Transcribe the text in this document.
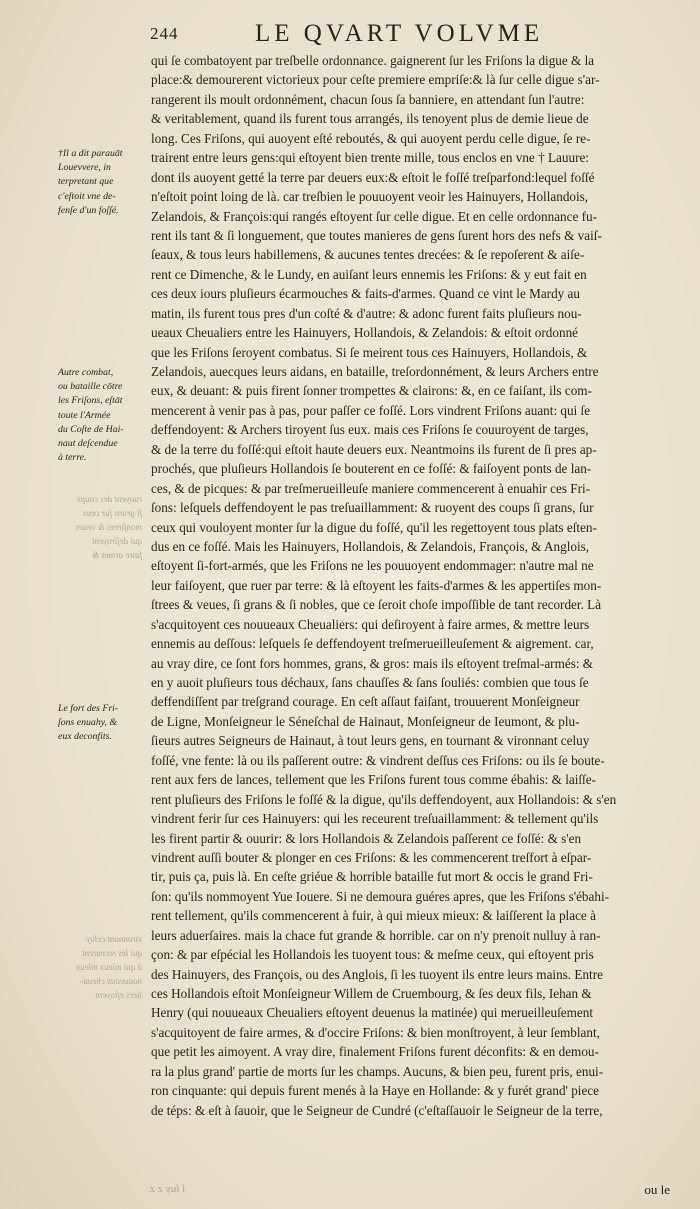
244	LE QVART VOLVME
qui ſe combatoyent par treſbelle ordonnance. gaignerent ſur les Friſons la digue & la
place:& demourerent victorieux pour ceſte premiere empriſe:& là ſur celle digue s'ar-
rangerent ils moult ordonnément, chacun ſous ſa banniere, en attendant ſun l'autre:
& veritablement, quand ils furent tous arrangés, ils tenoyent plus de demie lieue de
long. Ces Friſons, qui auoyent eſté reboutés, & qui auoyent perdu celle digue, ſe re-
trairent entre leurs gens:qui eſtoyent bien trente mille, tous enclos en vne † Lauure:
dont ils auoyent getté la terre par deuers eux:& eſtoit le foſſé treſparfond:lequel foſſé
n'eſtoit point loing de là. car treſbien le pouuoyent veoir les Hainuyers, Hollandois,
Zelandois, & François:qui rangés eſtoyent ſur celle digue. Et en celle ordonnance fu-
rent ils tant & ſi longuement, que toutes manieres de gens ſurent hors des nefs & vaiſ-
ſeaux, & tous leurs habillemens, & aucunes tentes drecées: & ſe repoſerent & aiſe-
rent ce Dimenche, & le Lundy, en auiſant leurs ennemis les Friſons: & y eut fait en
ces deux iours pluſieurs écarmouches & faits-d'armes. Quand ce vint le Mardy au
matin, ils furent tous pres d'un coſté & d'autre: & adonc furent faits pluſieurs nou-
ueaux Cheualiers entre les Hainuyers, Hollandois, & Zelandois: & eſtoit ordonné
que les Friſons ſeroyent combatus. Si ſe meirent tous ces Hainuyers, Hollandois, &
Zelandois, auecques leurs aidans, en bataille, treſordonnément, & leurs Archers entre
eux, & deuant: & puis firent ſonner trompettes & clairons: &, en ce faiſant, ils com-
mencerent à venir pas à pas, pour paſſer ce foſſé. Lors vindrent Friſons auant: qui ſe
deffendoyent: & Archers tiroyent ſus eux. mais ces Friſons ſe couuroyent de targes,
& de la terre du foſſé:qui eſtoit haute deuers eux. Neantmoins ils furent de ſi pres ap-
prochés, que pluſieurs Hollandois ſe bouterent en ce foſſé: & faiſoyent ponts de lan-
ces, & de picques: & par treſmerueilleuſe maniere commencerent à enuahir ces Fri-
ſons: leſquels deffendoyent le pas treſuaillamment: & ruoyent des coups ſi grans, ſur
ceux qui vouloyent monter ſur la digue du foſſé, qu'il les regettoyent tous plats eſten-
dus en ce foſſé. Mais les Hainuyers, Hollandois, & Zelandois, François, & Anglois,
eſtoyent ſi-fort-armés, que les Friſons ne les pouuoyent endommager: n'autre mal ne
leur faiſoyent, que ruer par terre: & là eſtoyent les faits-d'armes & les appertiſes mon-
ſtrees & veues, ſi grans & ſi nobles, que ce ſeroit choſe impoſſible de tant recorder. Là
s'acquitoyent ces nouueaux Cheualiers: qui deſiroyent à faire armes, & mettre leurs
ennemis au deſſous: leſquels ſe deffendoyent treſmerueilleuſement & aigrement. car,
au vray dire, ce ſont fors hommes, grans, & gros: mais ils eſtoyent treſmal-armés: &
en y auoit pluſieurs tous déchaux, ſans chauſſes & ſans ſouliés: combien que tous ſe
deffendiſſent par treſgrand courage. En ceſt aſſaut faiſant, trouuerent Monſeigneur
de Ligne, Monſeigneur le Séneſchal de Hainaut, Monſeigneur de Ieumont, & plu-
ſieurs autres Seigneurs de Hainaut, à tout leurs gens, en tournant & vironnant celuy
foſſé, vne fente: là ou ils paſſerent outre: & vindrent deſſus ces Friſons: ou ils ſe boute-
rent aux fers de lances, tellement que les Friſons furent tous comme ébahis: & laiſſe-
rent pluſieurs des Friſons le foſſé & la digue, qu'ils deffendoyent, aux Hollandois: & s'en
vindrent ferir ſur ces Hainuyers: qui les receurent treſuaillamment: & tellement qu'ils
les firent partir & ouurir: & lors Hollandois & Zelandois paſſerent ce foſſé: & s'en
vindrent auſſi bouter & plonger en ces Friſons: & les commencerent treſfort à eſpar-
tir, puis ça, puis là. En ceſte griéue & horrible bataille fut mort & occis le grand Fri-
ſon: qu'ils nommoyent Yue Iouere. Si ne demoura guéres apres, que les Friſons s'ébahi-
rent tellement, qu'ils commencerent à fuir, à qui mieux mieux: & laiſſerent la place à
leurs aduerſaires. mais la chace fut grande & horrible. car on n'y prenoit nulluy à ran-
çon: & par eſpécial les Hollandois les tuoyent tous: & meſme ceux, qui eſtoyent pris
des Hainuyers, des François, ou des Anglois, ſi les tuoyent ils entre leurs mains. Entre
ces Hollandois eſtoit Monſeigneur Willem de Cruembourg, & ſes deux fils, Iehan &
Henry (qui nouueaux Cheualiers eſtoyent deuenus la matinée) qui merueilleuſement
s'acquitoyent de faire armes, & d'occire Friſons: & bien monſtroyent, à leur ſemblant,
que petit les aimoyent. A vray dire, finalement Friſons furent déconfits: & en demou-
ra la plus grand' partie de morts ſur les champs. Aucuns, & bien peu, furent pris, enui-
ron cinquante: qui depuis furent menés à la Haye en Hollande: & y furét grand' piece
de téps: & eſt à ſauoir, que le Seigneur de Cundré (c'eſtaſſauoir le Seigneur de la terre,
†Il a dit parauāt
Louevvere, in
terpretant que
c'eſtoit vne de-
fenſe d'un foſſé.
Autre combat,
ou bataille cōtre
les Friſons, eſtāt
toute l'Armée
du Coſte de Hai-
naut deſcendue
à terre.
Le fort des Fri-
ſons enuahy, &
eux deconfits.
ruoyent des coups
ſi grans ſur ceux
monſtrees & veues
qui deſiroyent
faire armes &
vironnant celuy
qui les receurent
à qui mieux mieux
nouueaux cheua-
liers eſtoyent
ſ ſuy z z	ou le
